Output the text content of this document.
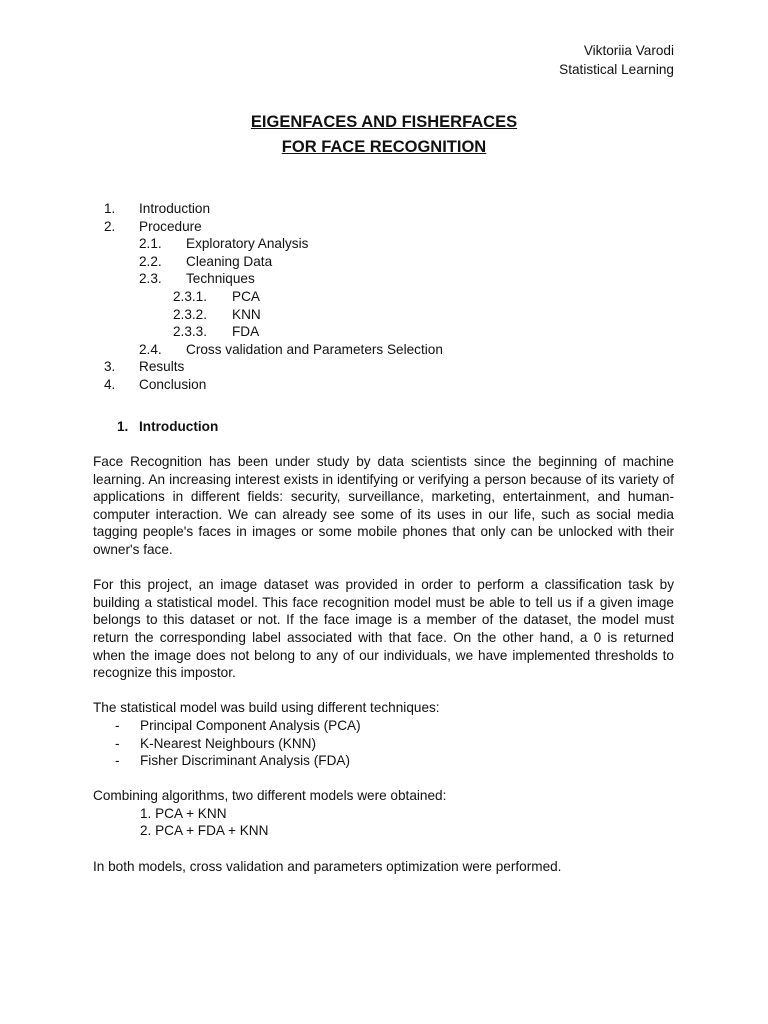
Viktoriia Varodi
Statistical Learning
EIGENFACES AND FISHERFACES
FOR FACE RECOGNITION
1. Introduction
2. Procedure
2.1. Exploratory Analysis
2.2. Cleaning Data
2.3. Techniques
2.3.1. PCA
2.3.2. KNN
2.3.3. FDA
2.4. Cross validation and Parameters Selection
3. Results
4. Conclusion
1. Introduction

Face Recognition has been under study by data scientists since the beginning of machine learning. An increasing interest exists in identifying or verifying a person because of its variety of applications in different fields: security, surveillance, marketing, entertainment, and human-computer interaction. We can already see some of its uses in our life, such as social media tagging people's faces in images or some mobile phones that only can be unlocked with their owner's face.

For this project, an image dataset was provided in order to perform a classification task by building a statistical model. This face recognition model must be able to tell us if a given image belongs to this dataset or not. If the face image is a member of the dataset, the model must return the corresponding label associated with that face. On the other hand, a 0 is returned when the image does not belong to any of our individuals, we have implemented thresholds to recognize this impostor.

The statistical model was build using different techniques:

- Principal Component Analysis (PCA)
- K-Nearest Neighbours (KNN)
- Fisher Discriminant Analysis (FDA)

Combining algorithms, two different models were obtained:

1. PCA + KNN
2. PCA + FDA + KNN

In both models, cross validation and parameters optimization were performed.
